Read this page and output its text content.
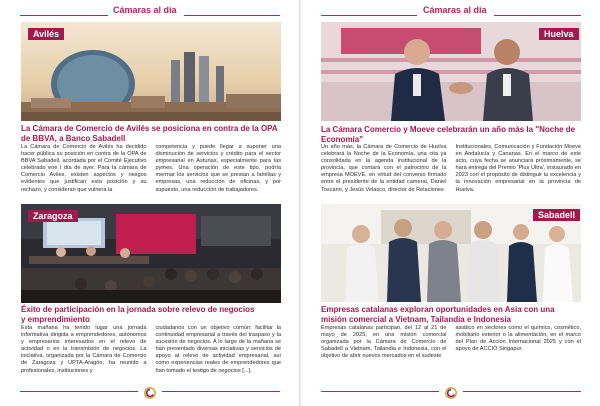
Cámaras al día
Avilés
La Cámara de Comercio de Avilés se posiciona en contra de la OPA de BBVA, a Banco Sabadell

La Cámara de Comercio de Avilés ha decidido hacer pública su posición en contra de la OPA de BBVA Sabadell, acordada por el Comité Ejecutivo celebrado ene l día de ayer. Para la cámara de Comercio Aviles, existen aspectos y riesgos evidentes que justifican esta posición y su rechazo, y consideran que vulnera la

competencia y puede llegar a suponer una disminución de servicios y crédito para el sector empresarial en Asturias, especialmente para las pymes. Una operación de este tipo, podría mermar los servicios que se prestan a familias y empresas, una reducción de oficinas, y por supuesto, una reducción de trabajadores.

Zaragoza
Éxito de participación en la jornada sobre relevo de negocios y emprendimiento

Esta mañana ha tenido lugar una jornada informativa dirigida a emprendedores, autónomos y empresarios interesados en el relevo de actividad o en la transmisión de negocios. La iniciativa, organizada por la Cámara de Comercio de Zaragoza y UPTA-Aragón, ha reunido a profesionales, instituciones y

ciudadanos con un objetivo común: facilitar la continuidad empresarial a través del traspaso y la sucesión de negocios. A lo largo de la mañana se han presentado diversas iniciativas y servicios de apoyo al relevo de actividad empresarial, así como experiencias reales de emprendedores que han tomado el testigo de negocios [...].

Cámaras al día
Huelva
La Cámara Comercio y Moeve celebrarán un año más la "Noche de Economía"

Un año más, la Cámara de Comercio de Huelva celebrará la Noche de la Economía, una cita ya consolidada en la agenda institucional de la provincia, que contará con el patrocinio de la empresa MOEVE, en virtud del convenio firmado entre el presidente de la entidad cameral, Daniel Toscano, y Jesús Velasco, director de Relaciones

Institucionales, Comunicación y Fundación Moeve en Andalucía y Canarias. En el marco de este acto, cuya fecha se anunciará próximamente, se hará entrega del Premio 'Plus Ultra', instaurado en 2023 con el propósito de distinguir la excelencia y la innovación empresarial en la provincia de Huelva.

Sabadell
Empresas catalanas exploran oportunidades en Asia con una misión comercial a Vietnam, Tailandia e Indonesia

Empresas catalanas participan, del 12 al 21 de mayo de 2025, en una misión comercial organizada por la Cámara de Comercio de Sabadell a Vietnam, Tailandia e Indonesia, con el objetivo de abrir nuevos mercados en el sudeste

asiático en sectores como el químico, cosmético, mobiliario exterior o la alimentación, en el marco del Plan de Acción Internacional 2025 y con el apoyo de ACCIÓ Singapur.
